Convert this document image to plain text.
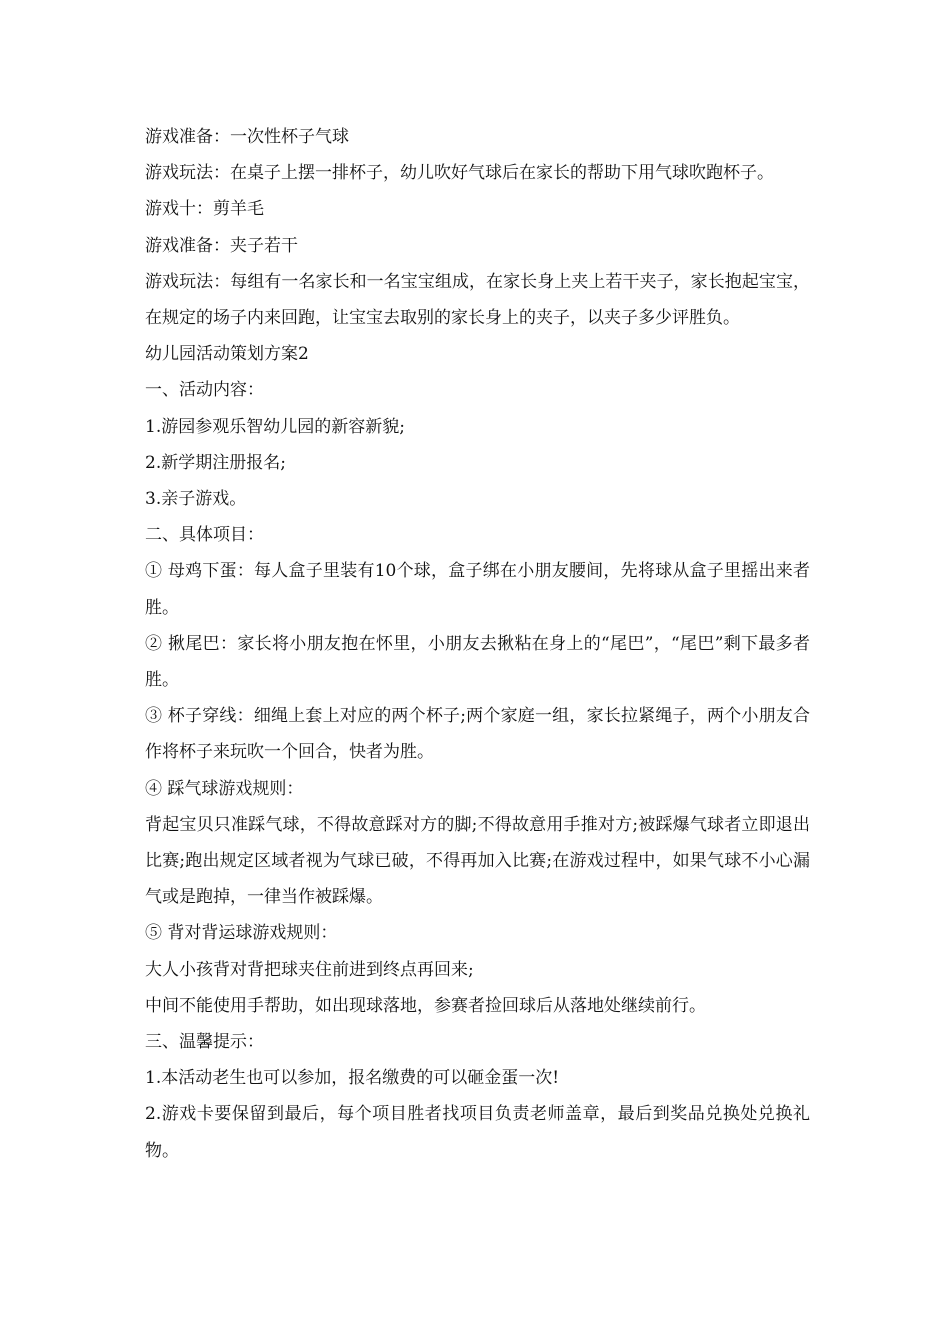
游戏准备：一次性杯子气球

游戏玩法：在桌子上摆一排杯子，幼儿吹好气球后在家长的帮助下用气球吹跑杯子。

游戏十：剪羊毛

游戏准备：夹子若干

游戏玩法：每组有一名家长和一名宝宝组成，在家长身上夹上若干夹子，家长抱起宝宝，在规定的场子内来回跑，让宝宝去取别的家长身上的夹子，以夹子多少评胜负。

幼儿园活动策划方案2

一、活动内容：

1.游园参观乐智幼儿园的新容新貌;

2.新学期注册报名;

3.亲子游戏。

二、具体项目：

① 母鸡下蛋：每人盒子里装有10个球，盒子绑在小朋友腰间，先将球从盒子里摇出来者胜。

② 揪尾巴：家长将小朋友抱在怀里，小朋友去揪粘在身上的“尾巴”，“尾巴”剩下最多者胜。

③ 杯子穿线：细绳上套上对应的两个杯子;两个家庭一组，家长拉紧绳子，两个小朋友合作将杯子来玩吹一个回合，快者为胜。

④ 踩气球游戏规则：

背起宝贝只准踩气球，不得故意踩对方的脚;不得故意用手推对方;被踩爆气球者立即退出比赛;跑出规定区域者视为气球已破，不得再加入比赛;在游戏过程中，如果气球不小心漏气或是跑掉，一律当作被踩爆。

⑤ 背对背运球游戏规则：

大人小孩背对背把球夹住前进到终点再回来;

中间不能使用手帮助，如出现球落地，参赛者捡回球后从落地处继续前行。

三、温馨提示：

1.本活动老生也可以参加，报名缴费的可以砸金蛋一次!

2.游戏卡要保留到最后，每个项目胜者找项目负责老师盖章，最后到奖品兑换处兑换礼物。
